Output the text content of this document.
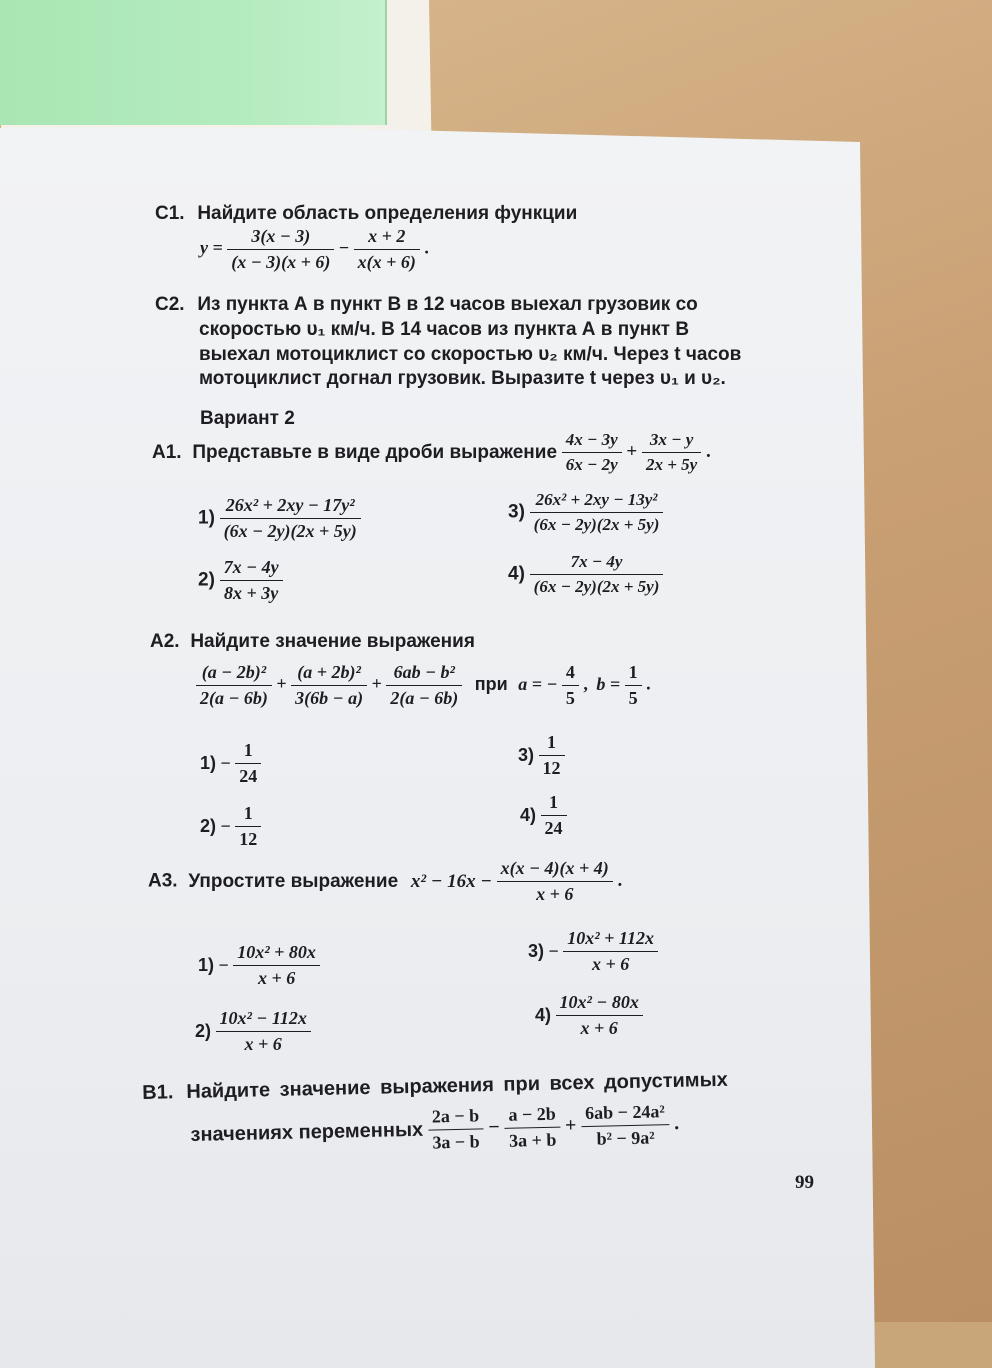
С1. Найдите область определения функции
$y = \frac{3(x - 3)}{(x - 3)(x + 6)} - \frac{x + 2}{x(x + 6)}$ .
С2. Из пункта А в пункт В в 12 часов выехал грузовик со
скоростью υ₁ км/ч. В 14 часов из пункта А в пункт В
выехал мотоциклист со скоростью υ₂ км/ч. Через t часов
мотоциклист догнал грузовик. Выразите t через υ₁ и υ₂.
Вариант 2
А1. Представьте в виде дроби выражение $\frac{4x - 3y}{6x - 2y} + \frac{3x - y}{2x + 5y}$ .
$1) \frac{\text{26x² + 2xy − 17y²}}{(6x - 2y)(2x + 5y)}$
$2) \frac{7x - 4y}{8x + 3y}$
$3) \frac{\text{26x² + 2xy − 13y²}}{(6x - 2y)(2x + 5y)}$
$4) \frac{7x - 4y}{(6x - 2y)(2x + 5y)}$
А2. Найдите значение выражения
$\frac{\text{(a − 2b)²}}{2(a - 6b)} + \frac{\text{(a + 2b)²}}{3(6b - a)} + \frac{\text{6ab − b²}}{2(a - 6b)}$ при a = − $\frac{4}{5}$ , $b = \frac{1}{5}$ .
$1) - \frac{1}{24}$
$2) - \frac{1}{12}$
$3) \frac{1}{12}$
$4) \frac{1}{24}$
А3. Упростите выражение $x^2 - 16x - \frac{x(x - 4)(x + 4)}{x + 6}$ .
$1) - \frac{\text{10x² + 80x}}{x + 6}$
$2) \frac{\text{10x² − 112x}}{x + 6}$
$3) - \frac{\text{10x² + 112x}}{x + 6}$
$4) \frac{\text{10x² − 80x}}{x + 6}$
В1. Найдите значение выражения при всех допустимых
значениях переменных $\frac{2a - b}{3a - b} - \frac{a - 2b}{3a + b} + \frac{\text{6ab − 24a²}}{\text{b² − 9a²}}$ .
99
